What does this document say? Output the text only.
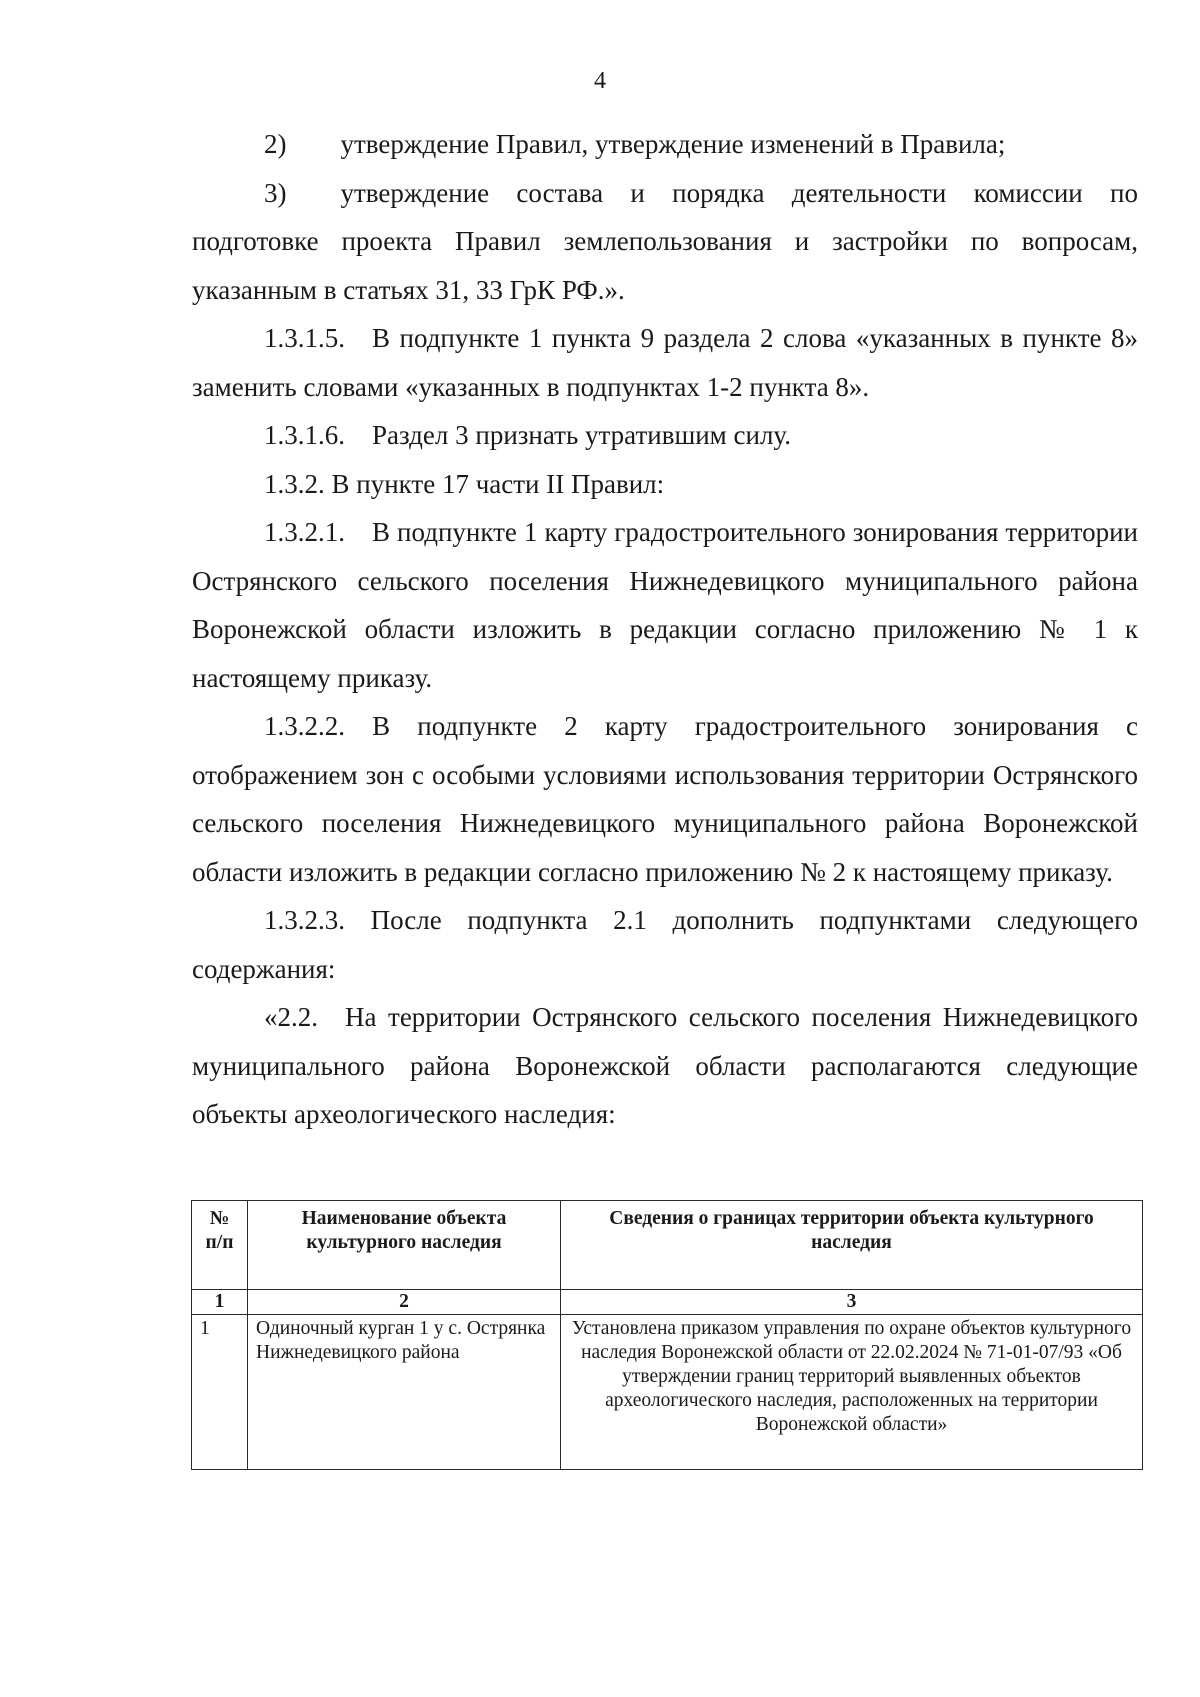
4

2)  утверждение Правил, утверждение изменений в Правила;

3)  утверждение состава и порядка деятельности комиссии по подготовке проекта Правил землепользования и застройки по вопросам, указанным в статьях 31, 33 ГрК РФ.».

1.3.1.5. В подпункте 1 пункта 9 раздела 2 слова «указанных в пункте 8» заменить словами «указанных в подпунктах 1-2 пункта 8».

1.3.1.6. Раздел 3 признать утратившим силу.

1.3.2. В пункте 17 части II Правил:

1.3.2.1. В подпункте 1 карту градостроительного зонирования территории Острянского сельского поселения Нижнедевицкого муниципального района Воронежской области изложить в редакции согласно приложению № 1 к настоящему приказу.

1.3.2.2. В подпункте 2 карту градостроительного зонирования с отображением зон с особыми условиями использования территории Острянского сельского поселения Нижнедевицкого муниципального района Воронежской области изложить в редакции согласно приложению № 2 к настоящему приказу.

1.3.2.3. После подпункта 2.1 дополнить подпунктами следующего содержания:

«2.2. На территории Острянского сельского поселения Нижнедевицкого муниципального района Воронежской области располагаются следующие объекты археологического наследия:

№ п/п	Наименование объекта культурного наследия	Сведения о границах территории объекта культурного наследия
1	2	3
1	Одиночный курган 1 у с. Острянка Нижнедевицкого района	Установлена приказом управления по охране объектов культурного наследия Воронежской области от 22.02.2024 № 71-01-07/93 «Об утверждении границ территорий выявленных объектов археологического наследия, расположенных на территории Воронежской области»
